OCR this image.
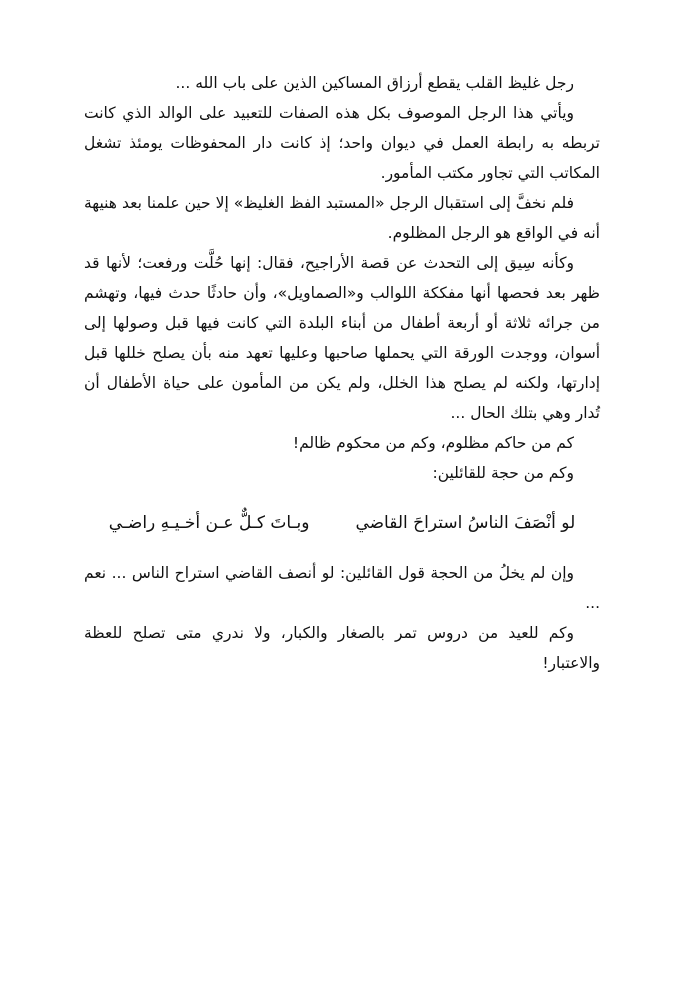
رجل غليظ القلب يقطع أرزاق المساكين الذين على باب الله ...

ويأتي هذا الرجل الموصوف بكل هذه الصفات للتعبيد على الوالد الذي كانت تربطه به رابطة العمل في ديوان واحد؛ إذ كانت دار المحفوظات يومئذ تشغل المكاتب التي تجاور مكتب المأمور.

فلم نخفَّ إلى استقبال الرجل «المستبد الفظ الغليظ» إلا حين علمنا بعد هنيهة أنه في الواقع هو الرجل المظلوم.

وكأنه سِيق إلى التحدث عن قصة الأراجيح، فقال: إنها حُلَّت ورفعت؛ لأنها قد ظهر بعد فحصها أنها مفككة اللوالب و«الصماويل»، وأن حادثًا حدث فيها، وتهشم من جرائه ثلاثة أو أربعة أطفال من أبناء البلدة التي كانت فيها قبل وصولها إلى أسوان، ووجدت الورقة التي يحملها صاحبها وعليها تعهد منه بأن يصلح خللها قبل إدارتها، ولكنه لم يصلح هذا الخلل، ولم يكن من المأمون على حياة الأطفال أن تُدار وهي بتلك الحال ...

كم من حاكم مظلوم، وكم من محكوم ظالم!

وكم من حجة للقائلين:

لو أنْصَفَ الناسُ استراحَ القاضي
وبـاتَ كـلٌّ عـن أخـيـهِ راضـي

وإن لم يخلُ من الحجة قول القائلين: لو أنصف القاضي استراح الناس ... نعم ...

وكم للعيد من دروس تمر بالصغار والكبار، ولا ندري متى تصلح للعظة والاعتبار!
